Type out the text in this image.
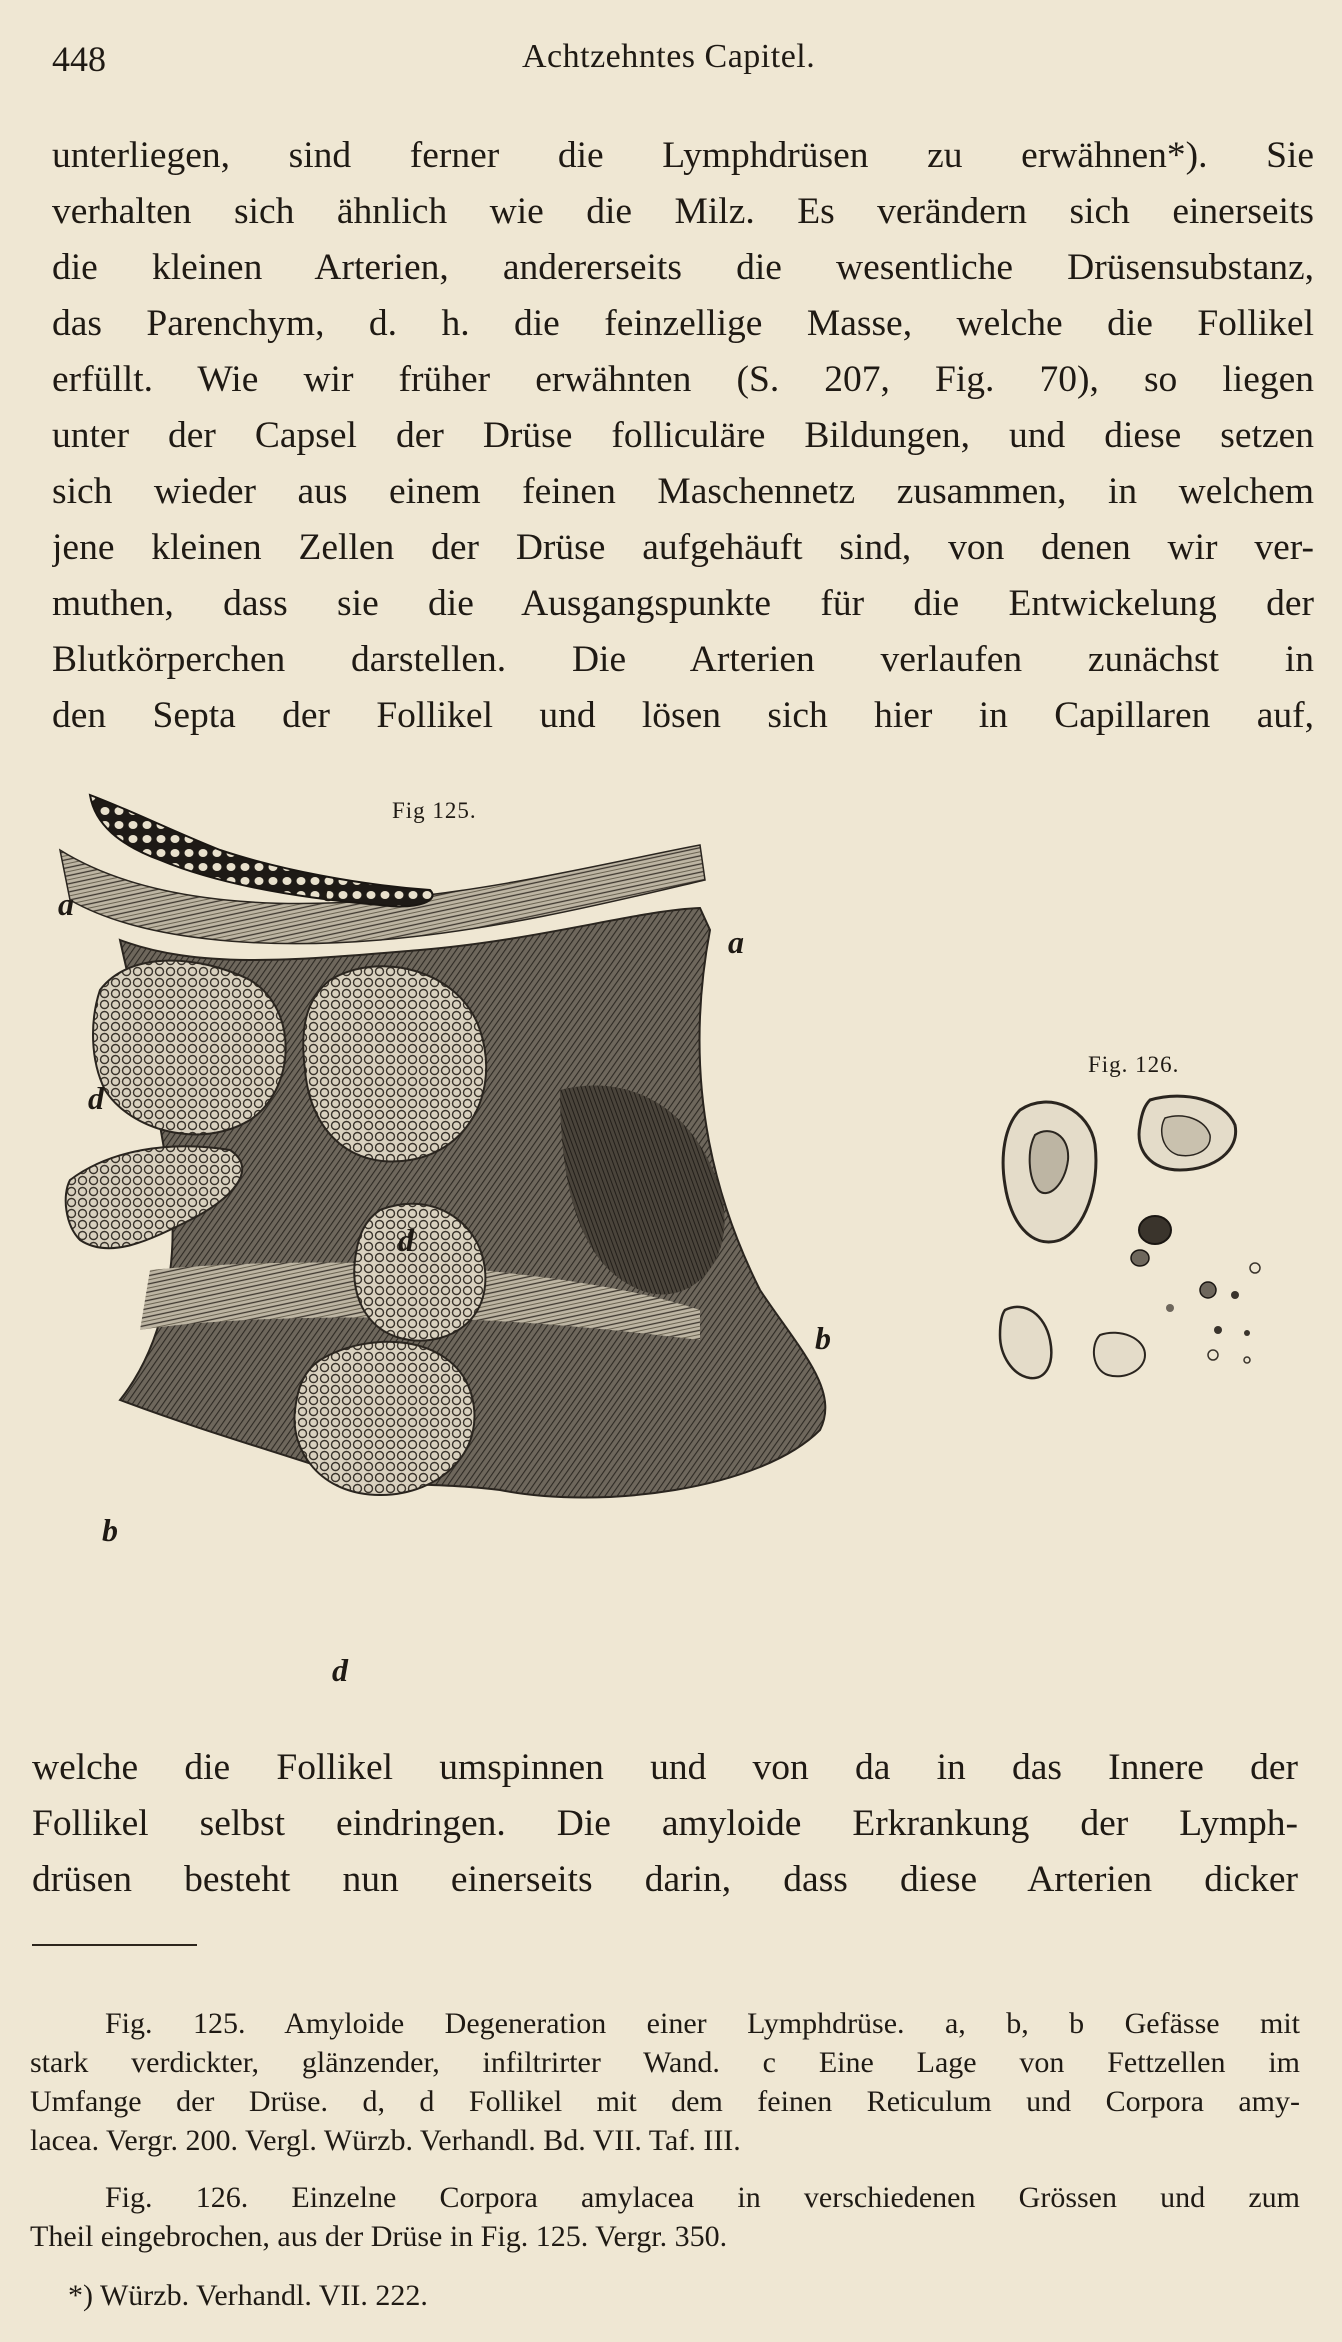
448	Achtzehntes Capitel.
unterliegen, sind ferner die Lymphdrüsen zu erwähnen*). Sie
verhalten sich ähnlich wie die Milz. Es verändern sich einerseits
die kleinen Arterien, andererseits die wesentliche Drüsensubstanz,
das Parenchym, d. h. die feinzellige Masse, welche die Follikel
erfüllt. Wie wir früher erwähnten (S. 207, Fig. 70), so liegen
unter der Capsel der Drüse folliculäre Bildungen, und diese setzen
sich wieder aus einem feinen Maschennetz zusammen, in welchem
jene kleinen Zellen der Drüse aufgehäuft sind, von denen wir ver-
muthen, dass sie die Ausgangspunkte für die Entwickelung der
Blutkörperchen darstellen. Die Arterien verlaufen zunächst in
den Septa der Follikel und lösen sich hier in Capillaren auf,
Fig 125.
Fig. 126.
a	c
a
d
d
b
b
d
welche die Follikel umspinnen und von da in das Innere der
Follikel selbst eindringen. Die amyloide Erkrankung der Lymph-
drüsen besteht nun einerseits darin, dass diese Arterien dicker
Fig. 125. Amyloide Degeneration einer Lymphdrüse. a, b, b Gefässe mit
stark verdickter, glänzender, infiltrirter Wand. c Eine Lage von Fettzellen im
Umfange der Drüse. d, d Follikel mit dem feinen Reticulum und Corpora amy-
lacea. Vergr. 200. Vergl. Würzb. Verhandl. Bd. VII. Taf. III.
Fig. 126. Einzelne Corpora amylacea in verschiedenen Grössen und zum
Theil eingebrochen, aus der Drüse in Fig. 125. Vergr. 350.
*) Würzb. Verhandl. VII. 222.
